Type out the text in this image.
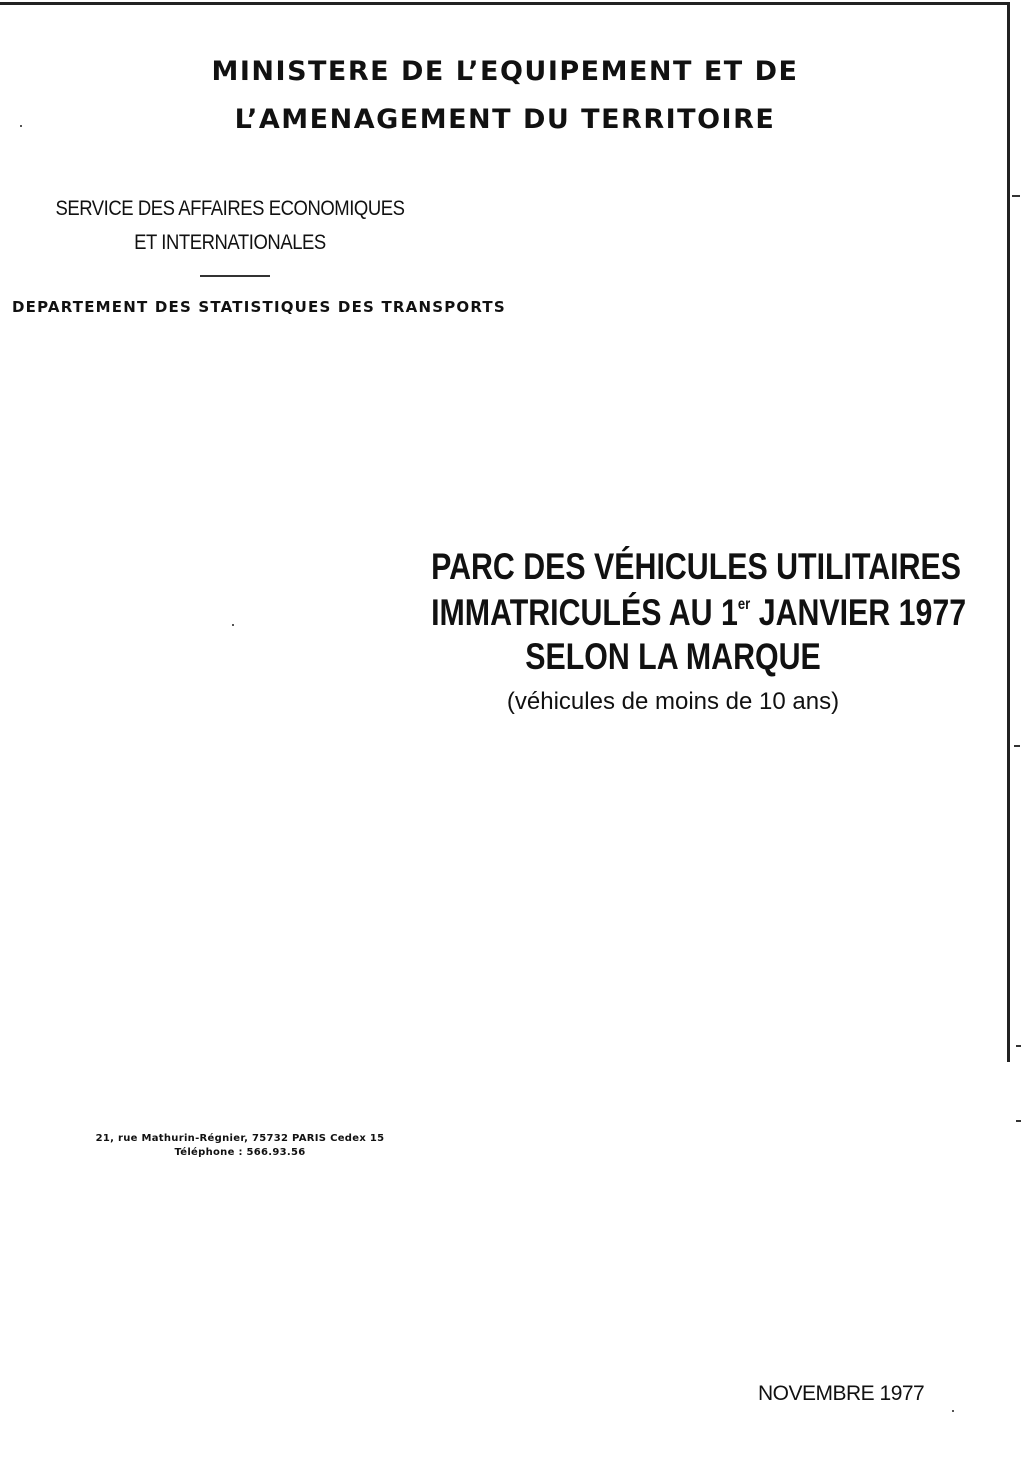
MINISTERE DE L’EQUIPEMENT ET DE
L’AMENAGEMENT DU TERRITOIRE
SERVICE DES AFFAIRES ECONOMIQUES
ET INTERNATIONALES
DEPARTEMENT DES STATISTIQUES DES TRANSPORTS
PARC DES VÉHICULES UTILITAIRES
IMMATRICULÉS AU 1er JANVIER 1977
SELON LA MARQUE
(véhicules de moins de 10 ans)
21, rue Mathurin-Régnier, 75732 PARIS Cedex 15
Téléphone : 566.93.56
NOVEMBRE 1977
